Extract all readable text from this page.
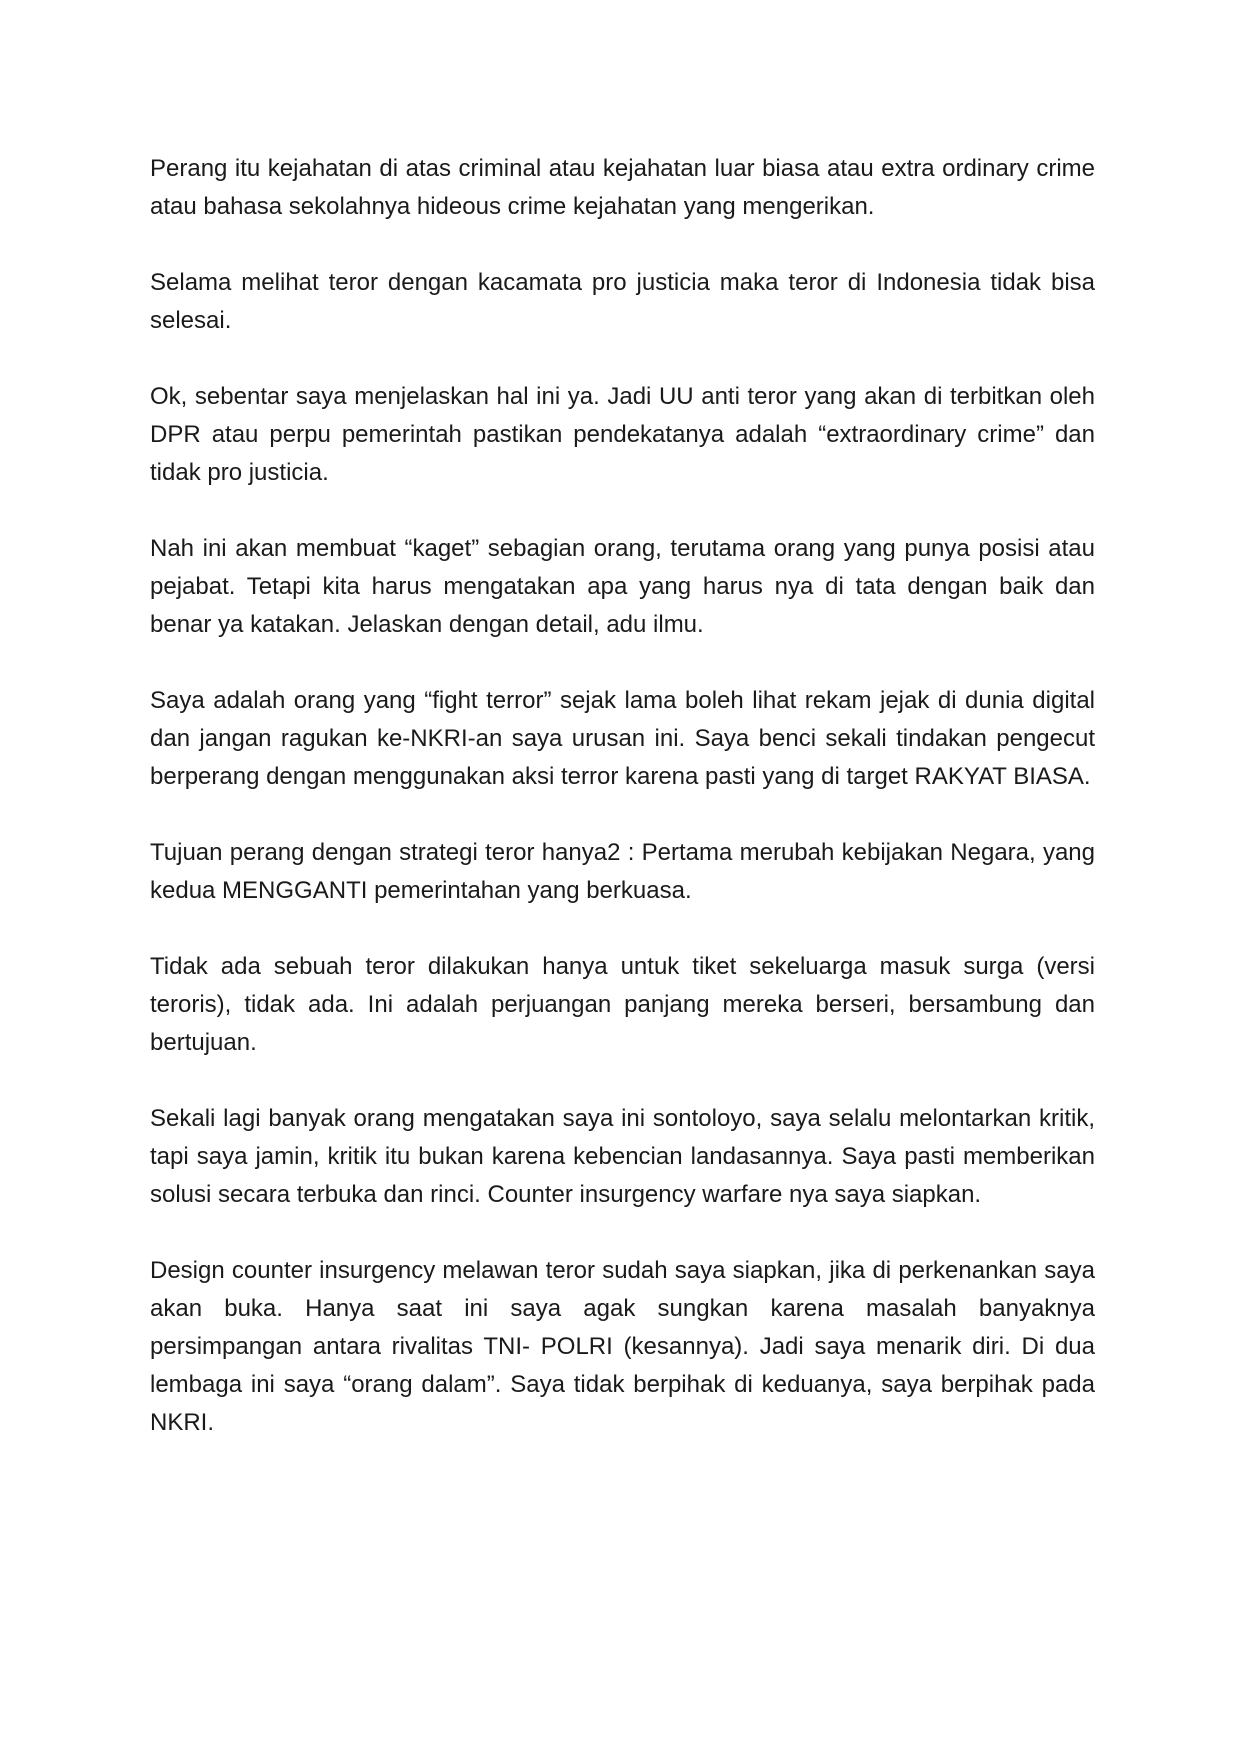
Perang itu kejahatan di atas criminal atau kejahatan luar biasa atau extra ordinary crime atau bahasa sekolahnya hideous crime kejahatan yang mengerikan.

Selama melihat teror dengan kacamata pro justicia maka teror di Indonesia tidak bisa selesai.

Ok, sebentar saya menjelaskan hal ini ya. Jadi UU anti teror yang akan di terbitkan oleh DPR atau perpu pemerintah pastikan pendekatanya adalah “extraordinary crime” dan tidak pro justicia.

Nah ini akan membuat “kaget” sebagian orang, terutama orang yang punya posisi atau pejabat. Tetapi kita harus mengatakan apa yang harus nya di tata dengan baik dan benar ya katakan. Jelaskan dengan detail, adu ilmu.

Saya adalah orang yang “fight terror” sejak lama boleh lihat rekam jejak di dunia digital dan jangan ragukan ke-NKRI-an saya urusan ini. Saya benci sekali tindakan pengecut berperang dengan menggunakan aksi terror karena pasti yang di target RAKYAT BIASA.

Tujuan perang dengan strategi teror hanya2 : Pertama merubah kebijakan Negara, yang kedua MENGGANTI pemerintahan yang berkuasa.

Tidak ada sebuah teror dilakukan hanya untuk tiket sekeluarga masuk surga (versi teroris), tidak ada. Ini adalah perjuangan panjang mereka berseri, bersambung dan bertujuan.

Sekali lagi banyak orang mengatakan saya ini sontoloyo, saya selalu melontarkan kritik, tapi saya jamin, kritik itu bukan karena kebencian landasannya. Saya pasti memberikan solusi secara terbuka dan rinci. Counter insurgency warfare nya saya siapkan.

Design counter insurgency melawan teror sudah saya siapkan, jika di perkenankan saya akan buka. Hanya saat ini saya agak sungkan karena masalah banyaknya persimpangan antara rivalitas TNI- POLRI (kesannya). Jadi saya menarik diri. Di dua lembaga ini saya “orang dalam”. Saya tidak berpihak di keduanya, saya berpihak pada NKRI.
